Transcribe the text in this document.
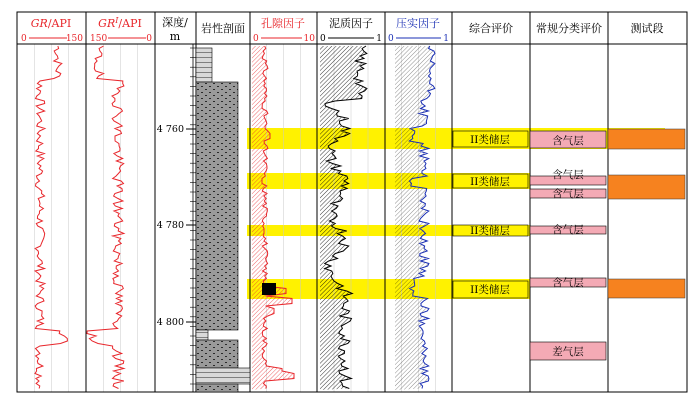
GR/API
0	150
$GR^I$/API
150	0
深度/
m
岩性剖面 孔隙因子
0	10
泥质因子
0	1
压实因子
0	1
综合评价 常规分类评价	测试段
4 760
4 780
4 800
II类储层
II类储层
II类储层
II类储层
含气层
含气层
含气层
含气层
含气层
差气层
